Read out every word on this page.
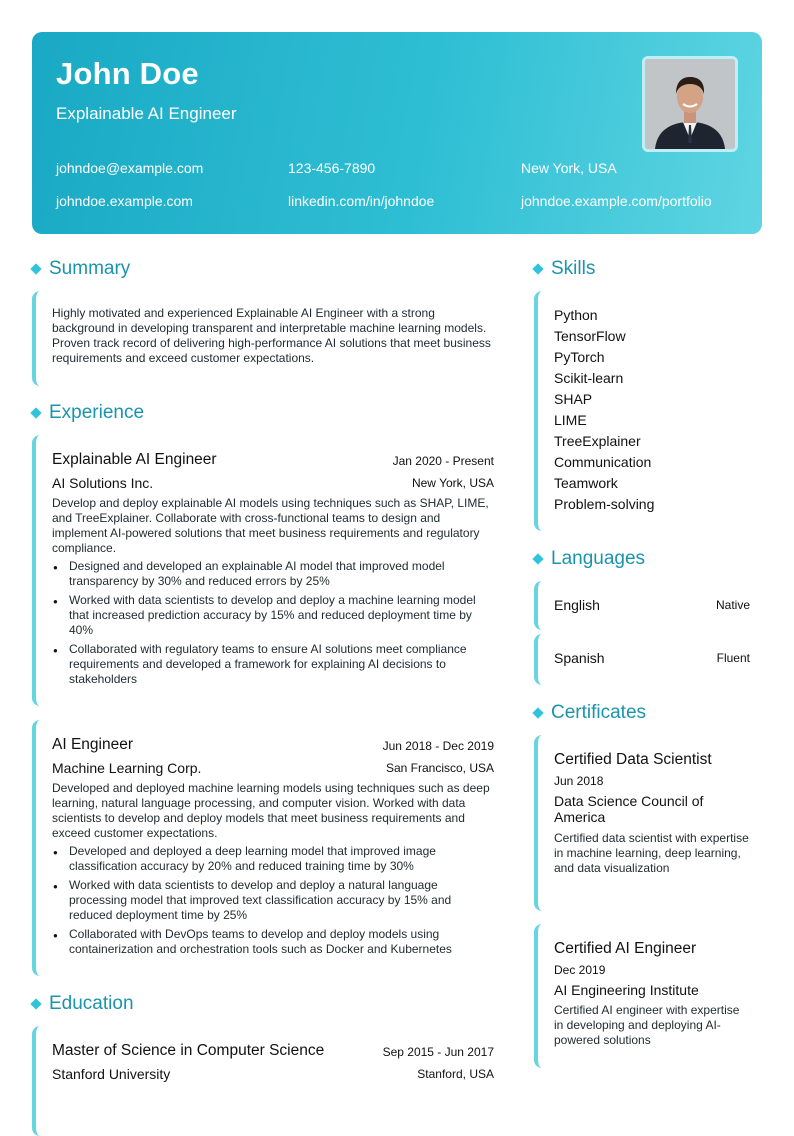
John Doe
Explainable AI Engineer
johndoe@example.com	123-456-7890	New York, USA
johndoe.example.com	linkedin.com/in/johndoe	johndoe.example.com/portfolio
Summary
Highly motivated and experienced Explainable AI Engineer with a strong background in developing transparent and interpretable machine learning models. Proven track record of delivering high-performance AI solutions that meet business requirements and exceed customer expectations.
Experience
Explainable AI Engineer	Jan 2020 - Present
AI Solutions Inc.	New York, USA
Develop and deploy explainable AI models using techniques such as SHAP, LIME, and TreeExplainer. Collaborate with cross-functional teams to design and implement AI-powered solutions that meet business requirements and regulatory compliance.
● Designed and developed an explainable AI model that improved model transparency by 30% and reduced errors by 25%
● Worked with data scientists to develop and deploy a machine learning model that increased prediction accuracy by 15% and reduced deployment time by 40%
● Collaborated with regulatory teams to ensure AI solutions meet compliance requirements and developed a framework for explaining AI decisions to stakeholders
AI Engineer	Jun 2018 - Dec 2019
Machine Learning Corp.	San Francisco, USA
Developed and deployed machine learning models using techniques such as deep learning, natural language processing, and computer vision. Worked with data scientists to develop and deploy models that meet business requirements and exceed customer expectations.
● Developed and deployed a deep learning model that improved image classification accuracy by 20% and reduced training time by 30%
● Worked with data scientists to develop and deploy a natural language processing model that improved text classification accuracy by 15% and reduced deployment time by 25%
● Collaborated with DevOps teams to develop and deploy models using containerization and orchestration tools such as Docker and Kubernetes
Education
Master of Science in Computer Science	Sep 2015 - Jun 2017
Stanford University	Stanford, USA
Skills
Python
TensorFlow
PyTorch
Scikit-learn
SHAP
LIME
TreeExplainer
Communication
Teamwork
Problem-solving
Languages
English	Native
Spanish	Fluent
Certificates
Certified Data Scientist
Jun 2018
Data Science Council of America
Certified data scientist with expertise in machine learning, deep learning, and data visualization
Certified AI Engineer
Dec 2019
AI Engineering Institute
Certified AI engineer with expertise in developing and deploying AI-powered solutions
